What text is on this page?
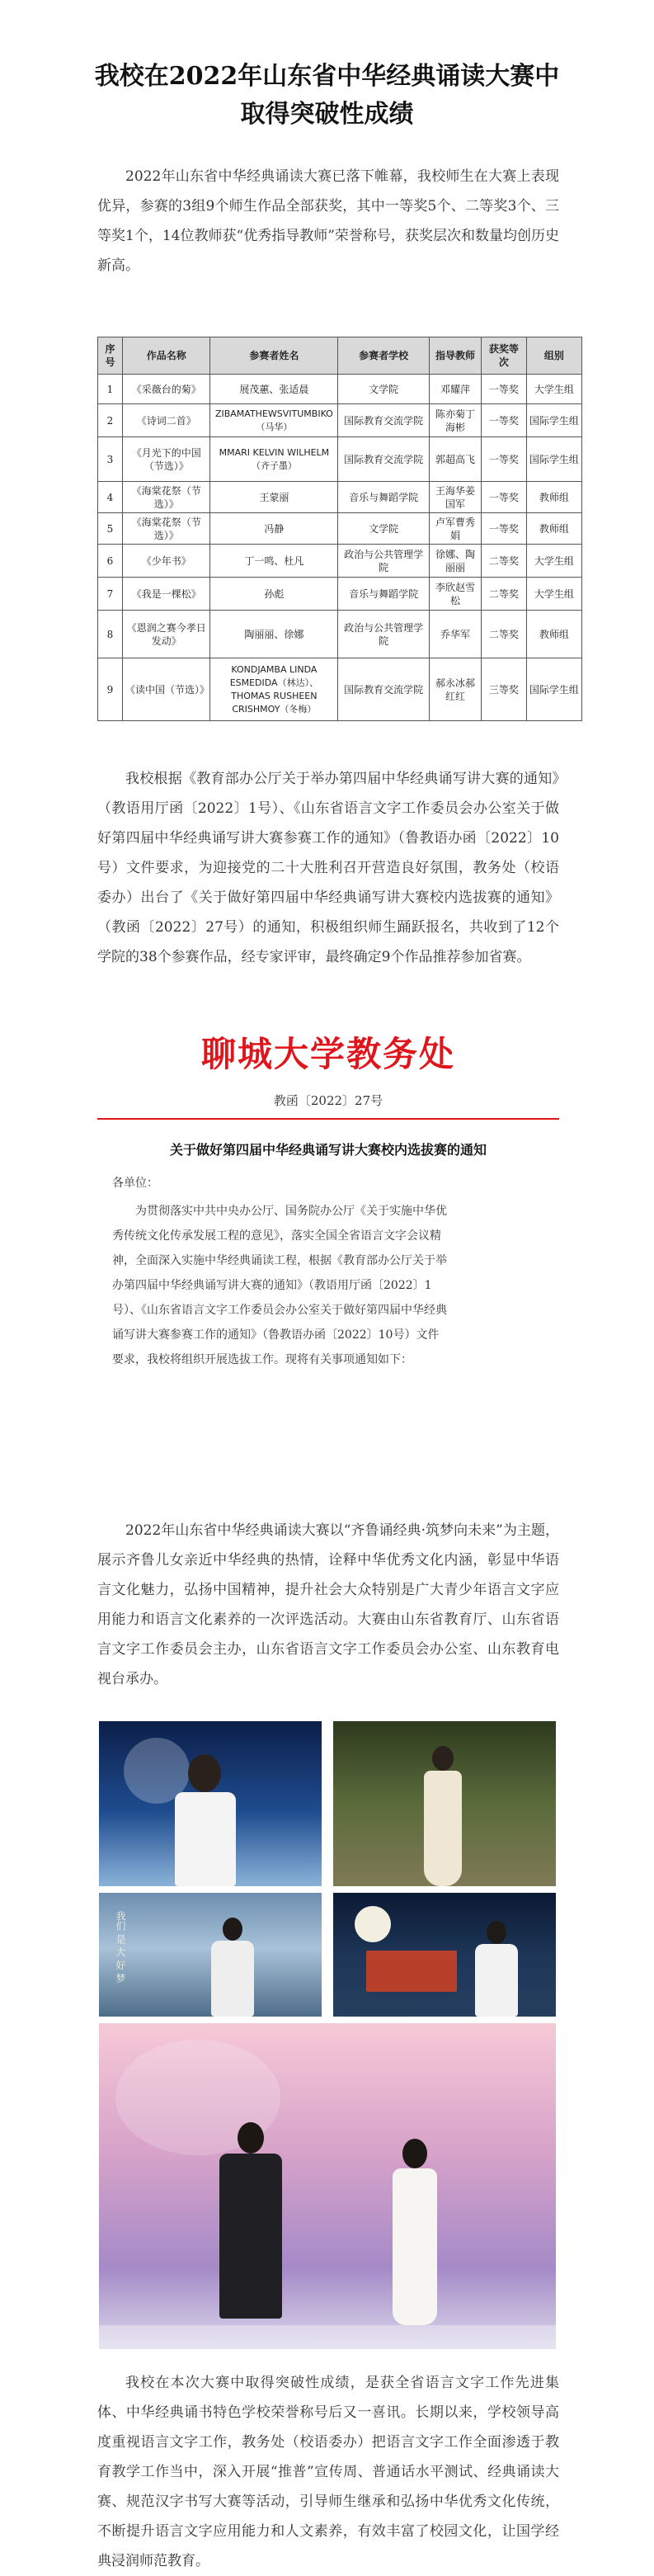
我校在2022年山东省中华经典诵读大赛中
取得突破性成绩

2022年山东省中华经典诵读大赛已落下帷幕，我校师生在大赛上表现优异，参赛的3组9个师生作品全部获奖，其中一等奖5个、二等奖3个、三等奖1个，14位教师获“优秀指导教师”荣誉称号，获奖层次和数量均创历史新高。

序号	作品名称	参赛者姓名	参赛者学校	指导教师	获奖等次	组别
1	《采薇台的菊》	展茂蕙、张适晨	文学院	邓耀萍	一等奖	大学生组
2	《诗词二首》	ZIBAMATHEWSVITUMBIKO（马华）	国际教育交流学院	陈亦菊丁海彬	一等奖	国际学生组
3	《月光下的中国（节选）》	MMARI KELVIN WILHELM（齐子墨）	国际教育交流学院	郭超高飞	一等奖	国际学生组
4	《海棠花祭（节选）》	王蒙丽	音乐与舞蹈学院	王海华姜国军	一等奖	教师组
5	《海棠花祭（节选）》	冯静	文学院	卢军曹秀娟	一等奖	教师组
6	《少年书》	丁一鸣、杜凡	政治与公共管理学院	徐娜、陶丽丽	二等奖	大学生组
7	《我是一棵松》	孙彪	音乐与舞蹈学院	李欣赵雪松	二等奖	大学生组
8	《恩润之赛今孝日发动》	陶丽丽、徐娜	政治与公共管理学院	乔华军	二等奖	教师组
9	《读中国（节选）》	KONDJAMBA LINDA ESMEDIDA（林达）、THOMAS RUSHEEN CRISHMOY（冬梅）	国际教育交流学院	郝永冰郝红红	三等奖	国际学生组

我校根据《教育部办公厅关于举办第四届中华经典诵写讲大赛的通知》（教语用厅函〔2022〕1号）、《山东省语言文字工作委员会办公室关于做好第四届中华经典诵写讲大赛参赛工作的通知》（鲁教语办函〔2022〕10号）文件要求，为迎接党的二十大胜利召开营造良好氛围，教务处（校语委办）出台了《关于做好第四届中华经典诵写讲大赛校内选拔赛的通知》（教函〔2022〕27号）的通知，积极组织师生踊跃报名，共收到了12个学院的38个参赛作品，经专家评审，最终确定9个作品推荐参加省赛。

聊城大学教务处
教函〔2022〕27号
关于做好第四届中华经典诵写讲大赛校内选拔赛的通知
各单位：

为贯彻落实中共中央办公厅、国务院办公厅《关于实施中华优秀传统文化传承发展工程的意见》，落实全国全省语言文字会议精神，全面深入实施中华经典诵读工程，根据《教育部办公厅关于举办第四届中华经典诵写讲大赛的通知》（教语用厅函〔2022〕1号）、《山东省语言文字工作委员会办公室关于做好第四届中华经典诵写讲大赛参赛工作的通知》（鲁教语办函〔2022〕10号）文件要求，我校将组织开展选拔工作。现将有关事项通知如下：

2022年山东省中华经典诵读大赛以“齐鲁诵经典·筑梦向未来”为主题，展示齐鲁儿女亲近中华经典的热情，诠释中华优秀文化内涵，彰显中华语言文化魅力，弘扬中国精神，提升社会大众特别是广大青少年语言文字应用能力和语言文化素养的一次评选活动。大赛由山东省教育厅、山东省语言文字工作委员会主办，山东省语言文字工作委员会办公室、山东教育电视台承办。

我们 是 大 好 梦

我校在本次大赛中取得突破性成绩，是获全省语言文字工作先进集体、中华经典诵书特色学校荣誉称号后又一喜讯。长期以来，学校领导高度重视语言文字工作，教务处（校语委办）把语言文字工作全面渗透于教育教学工作当中，深入开展“推普”宣传周、普通话水平测试、经典诵读大赛、规范汉字书写大赛等活动，引导师生继承和弘扬中华优秀文化传统，不断提升语言文字应用能力和人文素养，有效丰富了校园文化，让国学经典浸润师范教育。
